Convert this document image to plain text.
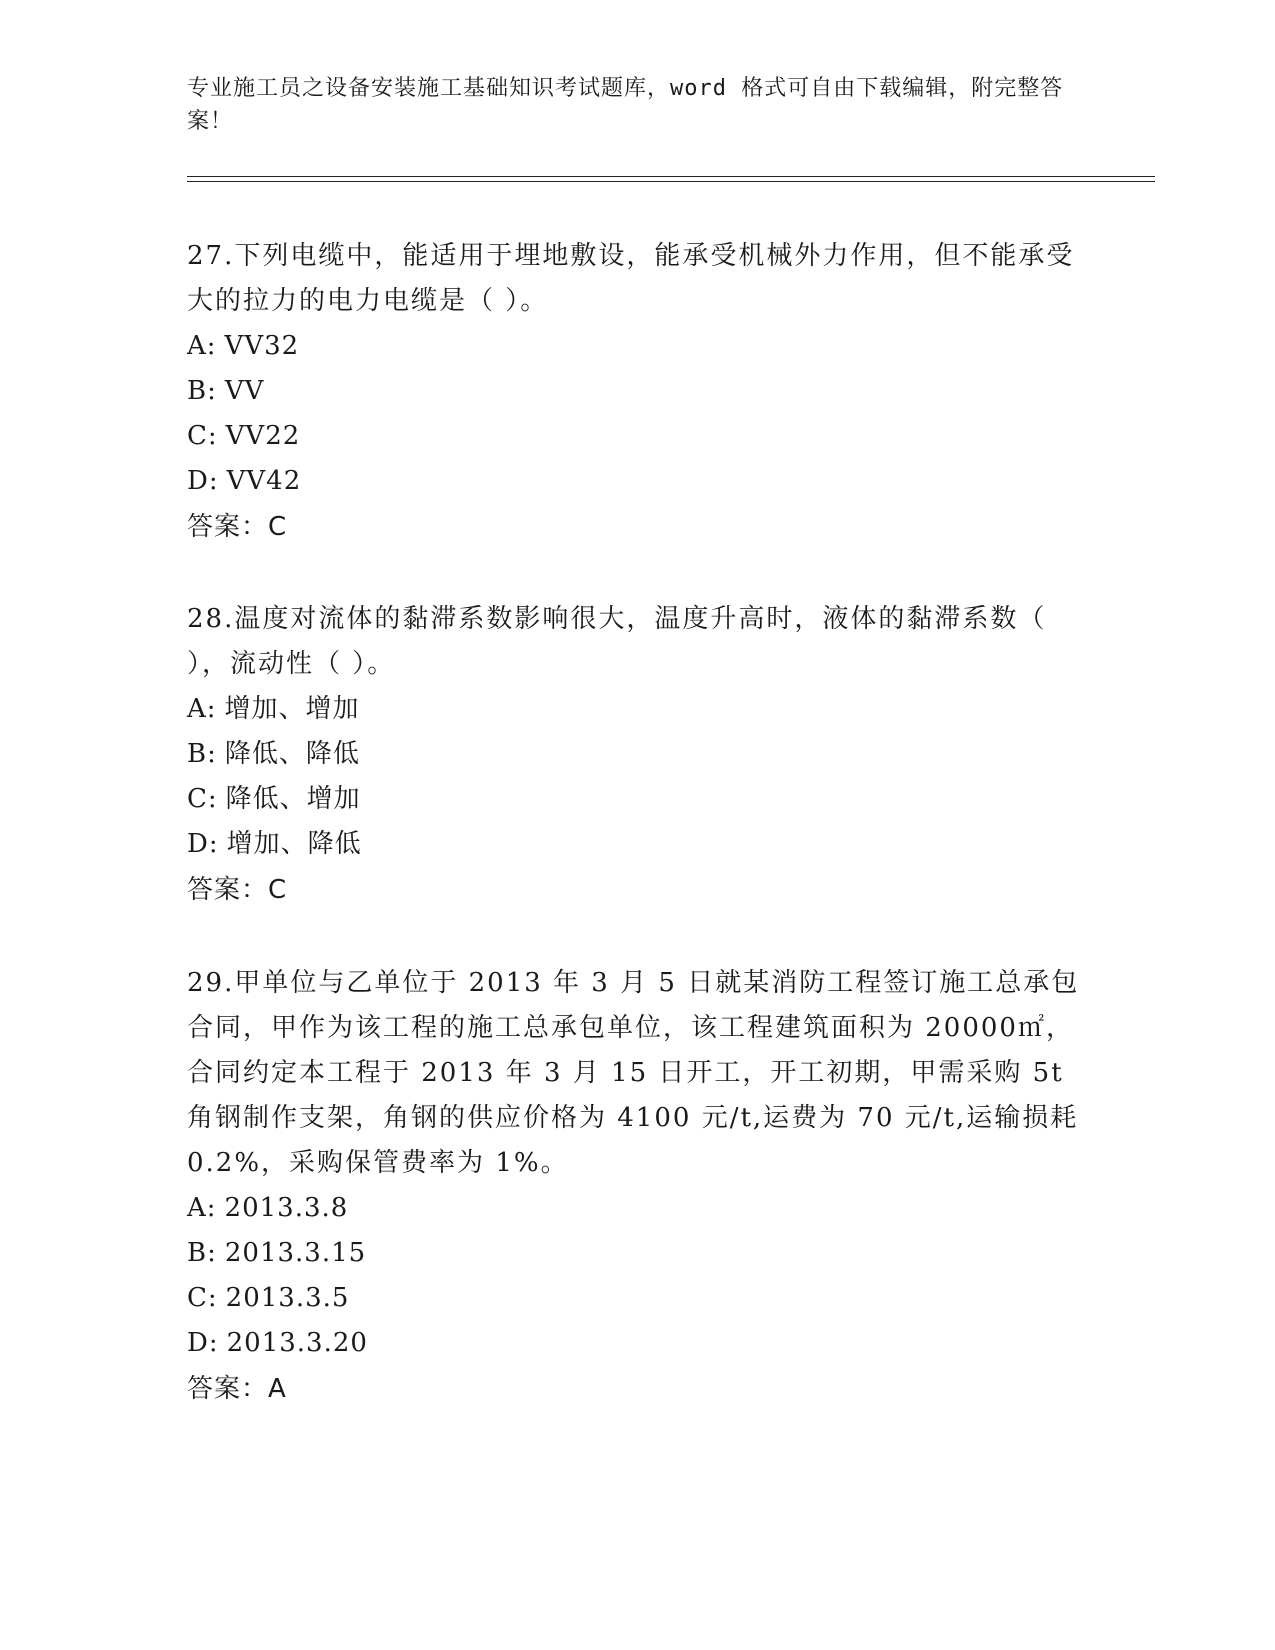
专业施工员之设备安装施工基础知识考试题库，word 格式可自由下载编辑，附完整答案！

27.下列电缆中，能适用于埋地敷设，能承受机械外力作用，但不能承受大的拉力的电力电缆是（ ）。

A: VV32

B: VV

C: VV22

D: VV42

答案：C

28.温度对流体的黏滞系数影响很大，温度升高时，液体的黏滞系数（ ），流动性（ ）。

A: 增加、增加

B: 降低、降低

C: 降低、增加

D: 增加、降低

答案：C

29.甲单位与乙单位于 2013 年 3 月 5 日就某消防工程签订施工总承包合同，甲作为该工程的施工总承包单位，该工程建筑面积为 20000㎡，合同约定本工程于 2013 年 3 月 15 日开工，开工初期，甲需采购 5t 角钢制作支架，角钢的供应价格为 4100 元/t,运费为 70 元/t,运输损耗 0.2%，采购保管费率为 1%。

A: 2013.3.8

B: 2013.3.15

C: 2013.3.5

D: 2013.3.20

答案：A
